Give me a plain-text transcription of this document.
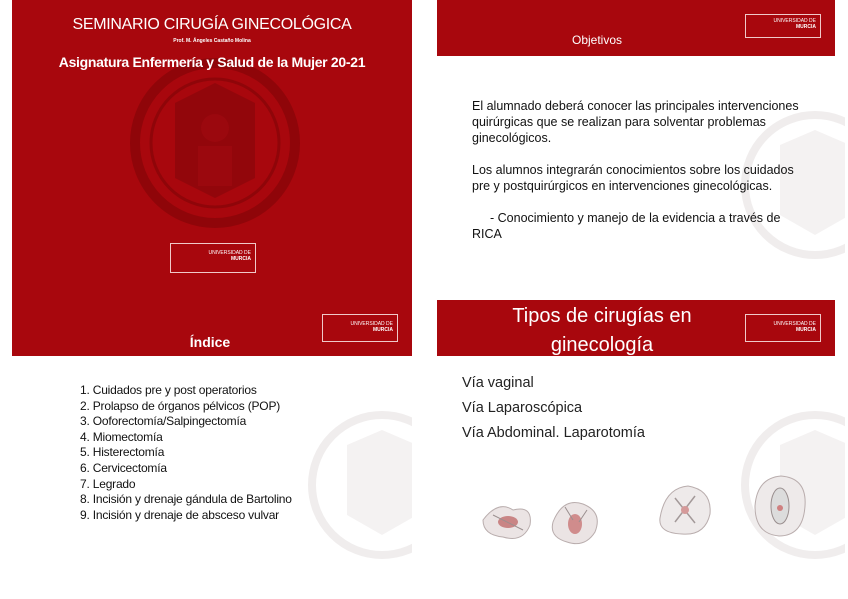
SEMINARIO CIRUGÍA GINECOLÓGICA
Prof. M. Ángeles Castaño Molina
Asignatura Enfermería y Salud de la Mujer 20-21
UNIVERSIDAD DE
MURCIA
Objetivos
UNIVERSIDAD DE
MURCIA
El alumnado deberá conocer las principales intervenciones quirúrgicas que se realizan para solventar problemas ginecológicos.
Los alumnos integrarán conocimientos sobre los cuidados pre y postquirúrgicos en intervenciones ginecológicas.
- Conocimiento y manejo de la evidencia a través de RICA
Índice
UNIVERSIDAD DE
MURCIA
1. Cuidados pre y post operatorios
2. Prolapso de órganos pélvicos (POP)
3. Ooforectomía/Salpingectomía
4. Miomectomía
5. Histerectomía
6. Cervicectomía
7. Legrado
8. Incisión y drenaje gándula de Bartolino
9. Incisión y drenaje de absceso vulvar
Tipos de cirugías en
ginecología
UNIVERSIDAD DE
MURCIA
Vía vaginal
Vía Laparoscópica
Vía Abdominal. Laparotomía
